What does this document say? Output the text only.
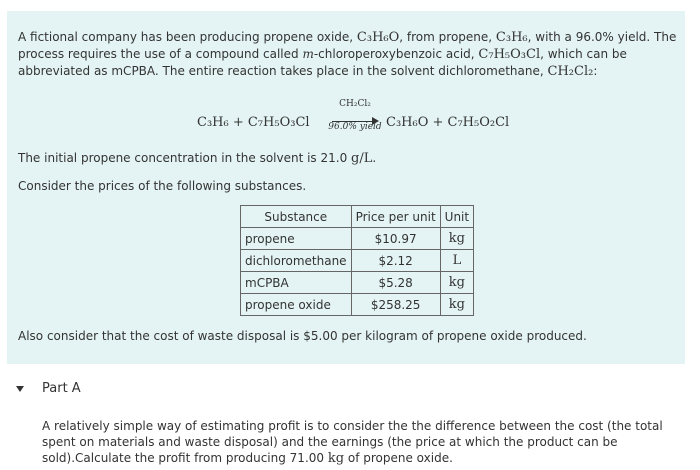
A fictional company has been producing propene oxide, C₃H₆O, from propene, C₃H₆, with a 96.0% yield. The process requires the use of a compound called m-chloroperoxybenzoic acid, C₇H₅O₃Cl, which can be abbreviated as mCPBA. The entire reaction takes place in the solvent dichloromethane, CH₂Cl₂:
C₃H₆ + C₇H₅O₃Cl
CH₂Cl₂
96.0% yield C₃H₆O + C₇H₅O₂Cl
The initial propene concentration in the solvent is 21.0 g/L.
Consider the prices of the following substances.
Also consider that the cost of waste disposal is $5.00 per kilogram of propene oxide produced.
Substance	Price per unit	Unit
propene	$10.97	kg
dichloromethane	$2.12	L
mCPBA	$5.28	kg
propene oxide	$258.25	kg
Part A
A relatively simple way of estimating profit is to consider the the difference between the cost (the total spent on materials and waste disposal) and the earnings (the price at which the product can be sold).Calculate the profit from producing 71.00 kg of propene oxide.
